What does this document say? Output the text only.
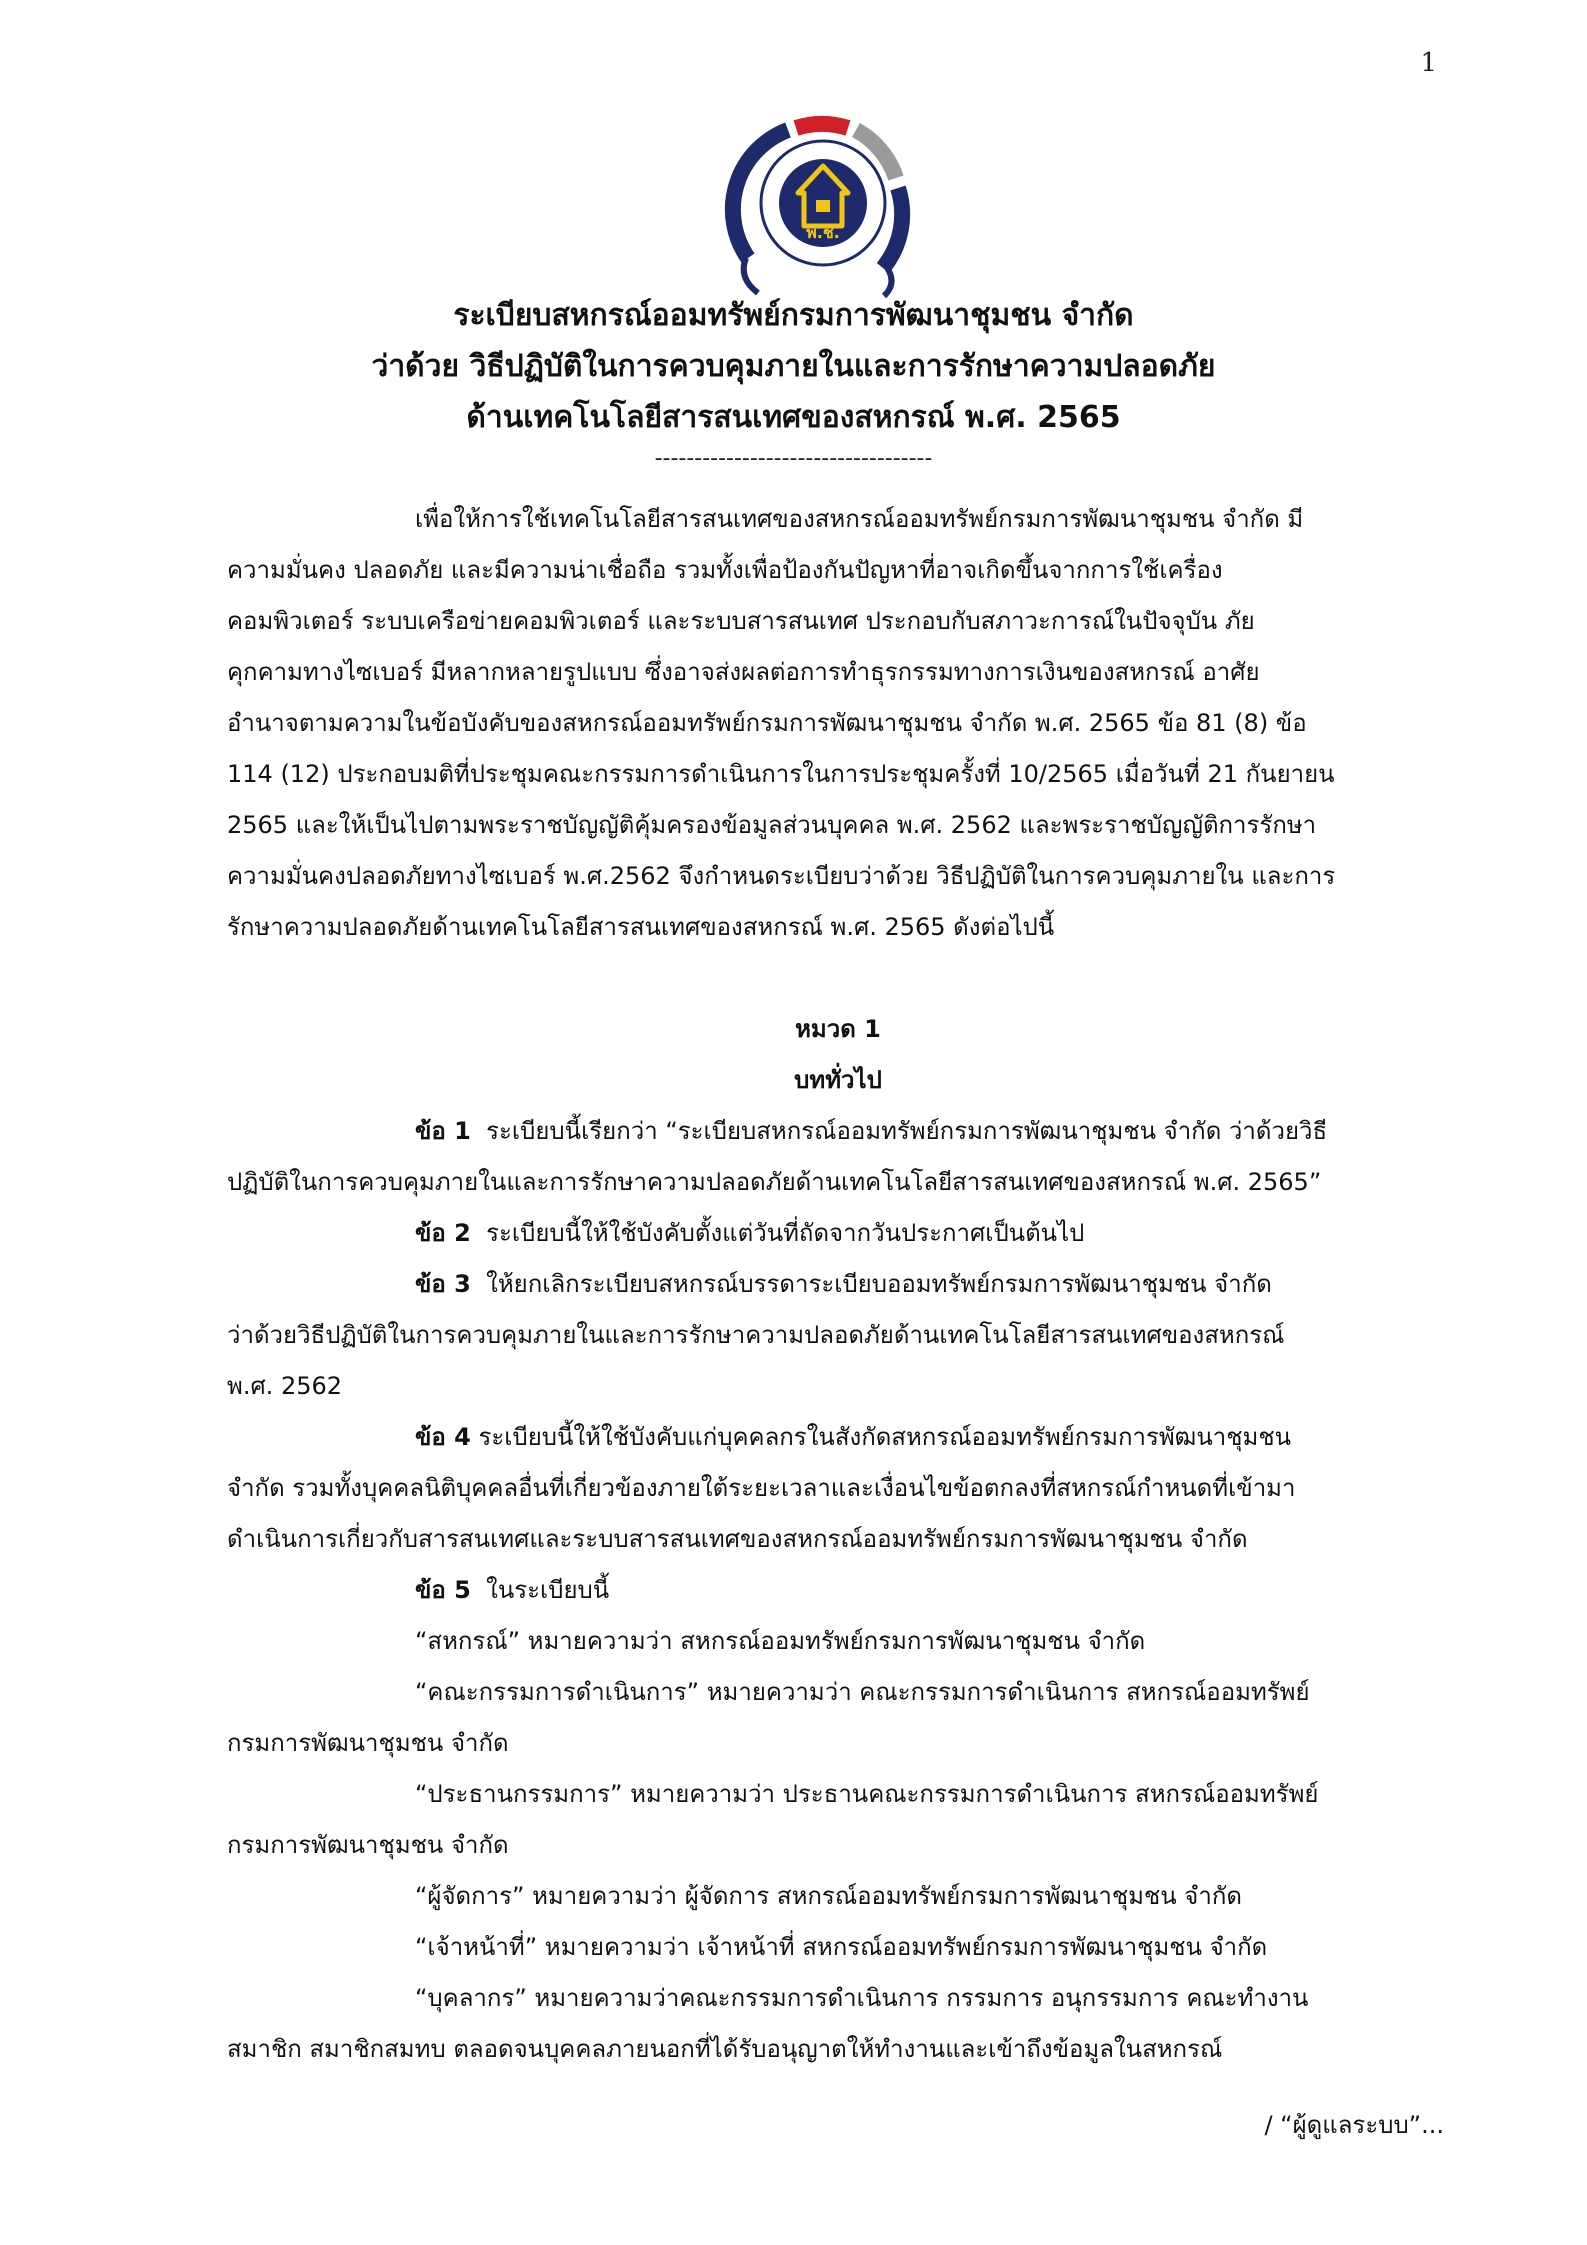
1
พ.ช.
ระเบียบสหกรณ์ออมทรัพย์กรมการพัฒนาชุมชน จำกัด
ว่าด้วย วิธีปฏิบัติในการควบคุมภายในและการรักษาความปลอดภัย
ด้านเทคโนโลยีสารสนเทศของสหกรณ์ พ.ศ. 2565
-----------------------------------

เพื่อให้การใช้เทคโนโลยีสารสนเทศของสหกรณ์ออมทรัพย์กรมการพัฒนาชุมชน จำกัด มี

ความมั่นคง ปลอดภัย และมีความน่าเชื่อถือ รวมทั้งเพื่อป้องกันปัญหาที่อาจเกิดขึ้นจากการใช้เครื่อง

คอมพิวเตอร์ ระบบเครือข่ายคอมพิวเตอร์ และระบบสารสนเทศ ประกอบกับสภาวะการณ์ในปัจจุบัน ภัย

คุกคามทางไซเบอร์ มีหลากหลายรูปแบบ ซึ่งอาจส่งผลต่อการทำธุรกรรมทางการเงินของสหกรณ์ อาศัย

อำนาจตามความในข้อบังคับของสหกรณ์ออมทรัพย์กรมการพัฒนาชุมชน จำกัด พ.ศ. 2565 ข้อ 81 (8) ข้อ

114 (12) ประกอบมติที่ประชุมคณะกรรมการดำเนินการในการประชุมครั้งที่ 10/2565 เมื่อวันที่ 21 กันยายน

2565 และให้เป็นไปตามพระราชบัญญัติคุ้มครองข้อมูลส่วนบุคคล พ.ศ. 2562 และพระราชบัญญัติการรักษา

ความมั่นคงปลอดภัยทางไซเบอร์ พ.ศ.2562 จึงกำหนดระเบียบว่าด้วย วิธีปฏิบัติในการควบคุมภายใน และการ

รักษาความปลอดภัยด้านเทคโนโลยีสารสนเทศของสหกรณ์ พ.ศ. 2565 ดังต่อไปนี้

หมวด 1

บททั่วไป

ข้อ 1 ระเบียบนี้เรียกว่า “ระเบียบสหกรณ์ออมทรัพย์กรมการพัฒนาชุมชน จำกัด ว่าด้วยวิธี

ปฏิบัติในการควบคุมภายในและการรักษาความปลอดภัยด้านเทคโนโลยีสารสนเทศของสหกรณ์ พ.ศ. 2565”

ข้อ 2 ระเบียบนี้ให้ใช้บังคับตั้งแต่วันที่ถัดจากวันประกาศเป็นต้นไป

ข้อ 3 ให้ยกเลิกระเบียบสหกรณ์บรรดาระเบียบออมทรัพย์กรมการพัฒนาชุมชน จำกัด

ว่าด้วยวิธีปฏิบัติในการควบคุมภายในและการรักษาความปลอดภัยด้านเทคโนโลยีสารสนเทศของสหกรณ์

พ.ศ. 2562

ข้อ 4 ระเบียบนี้ให้ใช้บังคับแก่บุคคลกรในสังกัดสหกรณ์ออมทรัพย์กรมการพัฒนาชุมชน

จำกัด รวมทั้งบุคคลนิติบุคคลอื่นที่เกี่ยวข้องภายใต้ระยะเวลาและเงื่อนไขข้อตกลงที่สหกรณ์กำหนดที่เข้ามา

ดำเนินการเกี่ยวกับสารสนเทศและระบบสารสนเทศของสหกรณ์ออมทรัพย์กรมการพัฒนาชุมชน จำกัด

ข้อ 5 ในระเบียบนี้

“สหกรณ์” หมายความว่า สหกรณ์ออมทรัพย์กรมการพัฒนาชุมชน จำกัด

“คณะกรรมการดำเนินการ” หมายความว่า คณะกรรมการดำเนินการ สหกรณ์ออมทรัพย์

กรมการพัฒนาชุมชน จำกัด

“ประธานกรรมการ” หมายความว่า ประธานคณะกรรมการดำเนินการ สหกรณ์ออมทรัพย์

กรมการพัฒนาชุมชน จำกัด

“ผู้จัดการ” หมายความว่า ผู้จัดการ สหกรณ์ออมทรัพย์กรมการพัฒนาชุมชน จำกัด

“เจ้าหน้าที่” หมายความว่า เจ้าหน้าที่ สหกรณ์ออมทรัพย์กรมการพัฒนาชุมชน จำกัด

“บุคลากร” หมายความว่าคณะกรรมการดำเนินการ กรรมการ อนุกรรมการ คณะทำงาน

สมาชิก สมาชิกสมทบ ตลอดจนบุคคลภายนอกที่ได้รับอนุญาตให้ทำงานและเข้าถึงข้อมูลในสหกรณ์

/ “ผู้ดูแลระบบ”...
